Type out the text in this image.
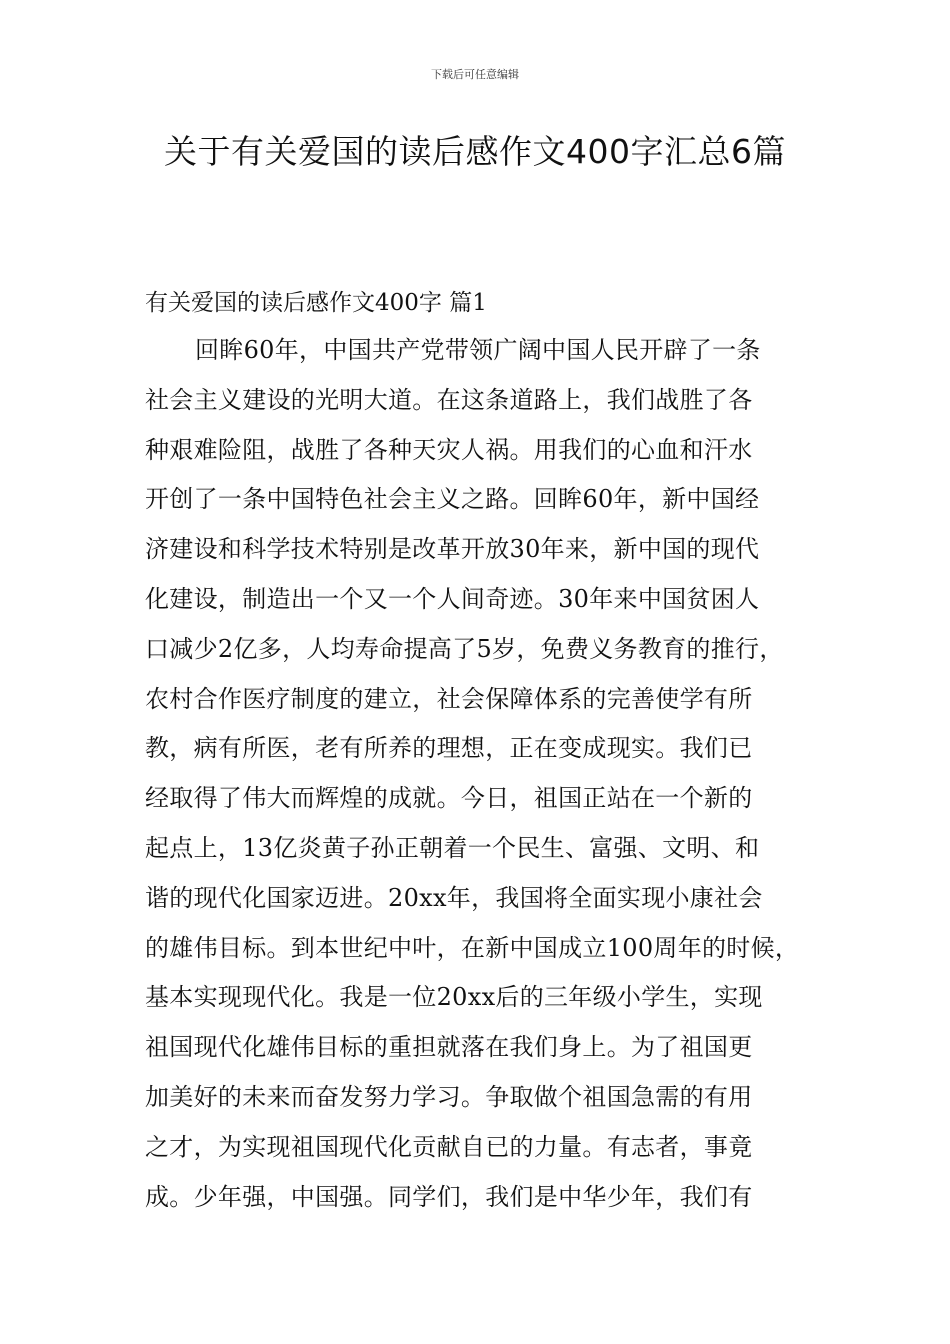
下载后可任意编辑
关于有关爱国的读后感作文400字汇总6篇
有关爱国的读后感作文400字 篇1
回眸60年，中国共产党带领广阔中国人民开辟了一条
社会主义建设的光明大道。在这条道路上，我们战胜了各
种艰难险阻，战胜了各种天灾人祸。用我们的心血和汗水
开创了一条中国特色社会主义之路。回眸60年，新中国经
济建设和科学技术特别是改革开放30年来，新中国的现代
化建设，制造出一个又一个人间奇迹。30年来中国贫困人
口减少2亿多，人均寿命提高了5岁，免费义务教育的推行，
农村合作医疗制度的建立，社会保障体系的完善使学有所
教，病有所医，老有所养的理想，正在变成现实。我们已
经取得了伟大而辉煌的成就。今日，祖国正站在一个新的
起点上，13亿炎黄子孙正朝着一个民生、富强、文明、和
谐的现代化国家迈进。20xx年，我国将全面实现小康社会
的雄伟目标。到本世纪中叶，在新中国成立100周年的时候，
基本实现现代化。我是一位20xx后的三年级小学生，实现
祖国现代化雄伟目标的重担就落在我们身上。为了祖国更
加美好的未来而奋发努力学习。争取做个祖国急需的有用
之才，为实现祖国现代化贡献自已的力量。有志者，事竟
成。少年强，中国强。同学们，我们是中华少年，我们有
